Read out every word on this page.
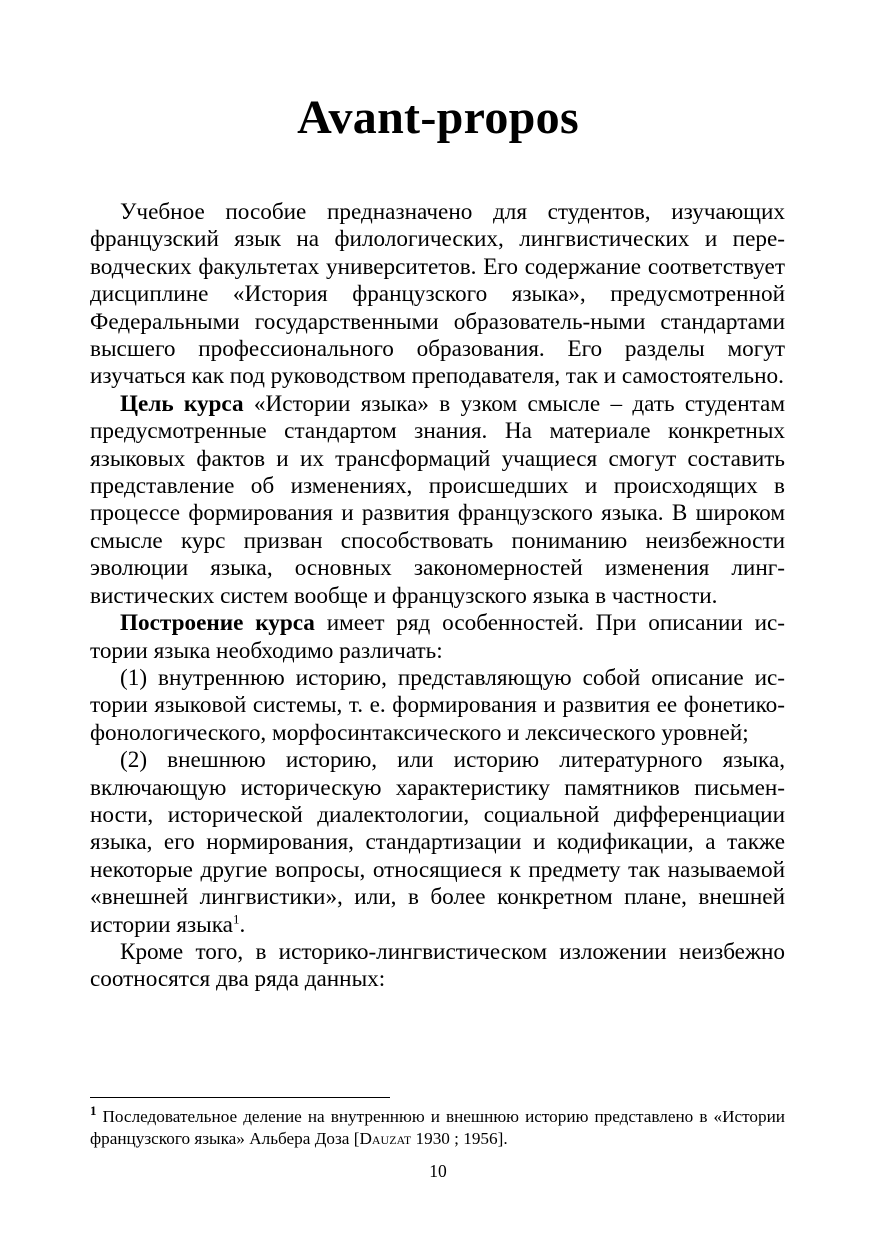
Avant-propos

Учебное пособие предназначено для студентов, изучающих французский язык на филологических, лингвистических и переводческих факультетах университетов. Его содержание соответствует дисциплине «История французского языка», предусмотренной Федеральными государственными образователь-ными стандартами высшего профессионального образования. Его разделы могут изучаться как под руководством преподавателя, так и самостоятельно.

Цель курса «Истории языка» в узком смысле – дать студентам предусмотренные стандартом знания. На материале конкретных языковых фактов и их трансформаций учащиеся смогут составить представление об изменениях, происшедших и происходящих в процессе формирования и развития французского языка. В широком смысле курс призван способствовать пониманию неизбежности эволюции языка, основных закономерностей изменения лингвистических систем вообще и французского языка в частности.

Построение курса имеет ряд особенностей. При описании истории языка необходимо различать:

(1) внутреннюю историю, представляющую собой описание истории языковой системы, т. е. формирования и развития ее фонетико-фонологического, морфосинтаксического и лексического уровней;

(2) внешнюю историю, или историю литературного языка, включающую историческую характеристику памятников письменности, исторической диалектологии, социальной дифференциации языка, его нормирования, стандартизации и кодификации, а также некоторые другие вопросы, относящиеся к предмету так называемой «внешней лингвистики», или, в более конкретном плане, внешней истории языка$^1$.

Кроме того, в историко-лингвистическом изложении неизбежно соотносятся два ряда данных:

$^1$ Последовательное деление на внутреннюю и внешнюю историю представлено в «Истории французского языка» Альбера Доза [Dauzat 1930 ; 1956].
10
